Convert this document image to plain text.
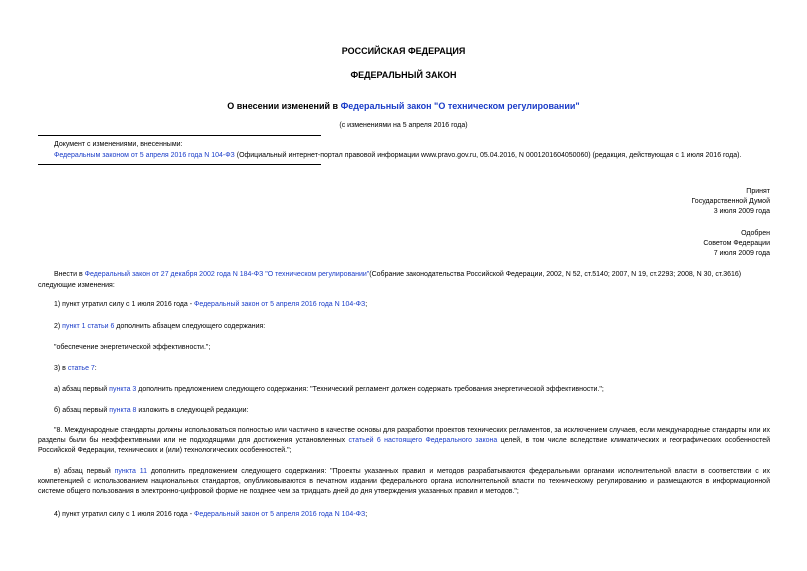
РОССИЙСКАЯ ФЕДЕРАЦИЯ
ФЕДЕРАЛЬНЫЙ ЗАКОН
О внесении изменений в Федеральный закон "О техническом регулировании"
(с изменениями на 5 апреля 2016 года)
Документ с изменениями, внесенными:
Федеральным законом от 5 апреля 2016 года N 104-ФЗ (Официальный интернет-портал правовой информации www.pravo.gov.ru, 05.04.2016, N 0001201604050060) (редакция, действующая с 1 июля 2016 года).
Принят
Государственной Думой
3 июля 2009 года
Одобрен
Советом Федерации
7 июля 2009 года
Внести в Федеральный закон от 27 декабря 2002 года N 184-ФЗ "О техническом регулировании"(Собрание законодательства Российской Федерации, 2002, N 52, ст.5140; 2007, N 19, ст.2293; 2008, N 30, ст.3616)
следующие изменения:
1) пункт утратил силу с 1 июля 2016 года - Федеральный закон от 5 апреля 2016 года N 104-ФЗ;
2) пункт 1 статьи 6 дополнить абзацем следующего содержания:
"обеспечение энергетической эффективности.";
3) в статье 7:
а) абзац первый пункта 3 дополнить предложением следующего содержания: "Технический регламент должен содержать требования энергетической эффективности.";
б) абзац первый пункта 8 изложить в следующей редакции:
"8. Международные стандарты должны использоваться полностью или частично в качестве основы для разработки проектов технических регламентов, за исключением случаев, если международные стандарты или их разделы были бы неэффективными или не подходящими для достижения установленных статьей 6 настоящего Федерального закона целей, в том числе вследствие климатических и географических особенностей Российской Федерации, технических и (или) технологических особенностей.";
в) абзац первый пункта 11 дополнить предложением следующего содержания: "Проекты указанных правил и методов разрабатываются федеральными органами исполнительной власти в соответствии с их компетенцией с использованием национальных стандартов, опубликовываются в печатном издании федерального органа исполнительной власти по техническому регулированию и размещаются в информационной системе общего пользования в электронно-цифровой форме не позднее чем за тридцать дней до дня утверждения указанных правил и методов.";
4) пункт утратил силу с 1 июля 2016 года - Федеральный закон от 5 апреля 2016 года N 104-ФЗ;
